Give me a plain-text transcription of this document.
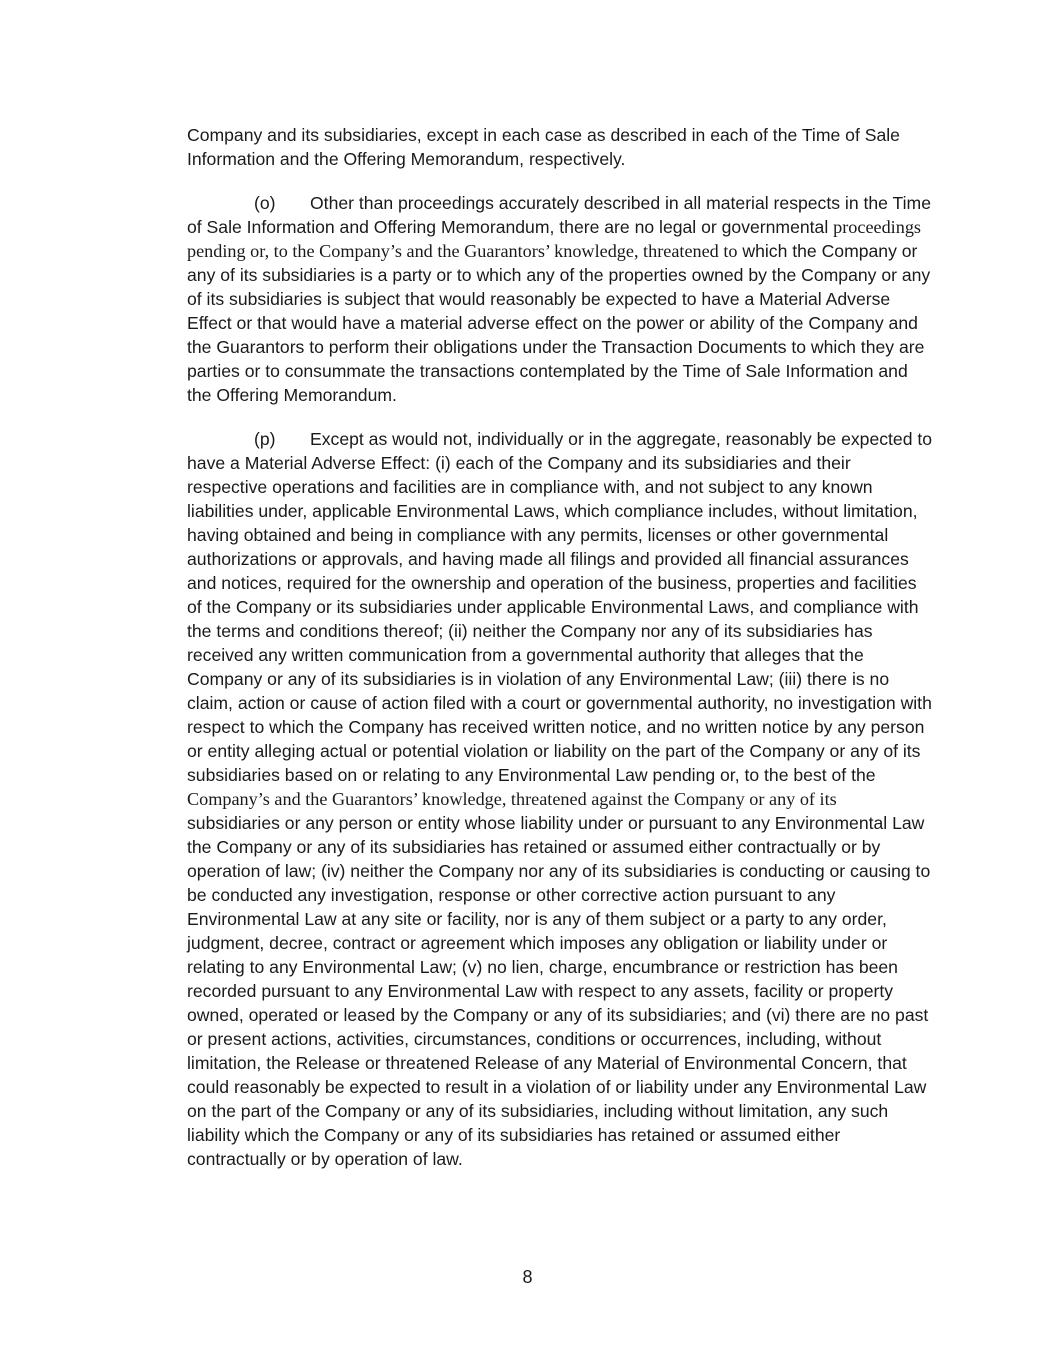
Company and its subsidiaries, except in each case as described in each of the Time of Sale Information and the Offering Memorandum, respectively.

(o) Other than proceedings accurately described in all material respects in the Time of Sale Information and Offering Memorandum, there are no legal or governmental proceedings pending or, to the Company’s and the Guarantors’ knowledge, threatened to which the Company or any of its subsidiaries is a party or to which any of the properties owned by the Company or any of its subsidiaries is subject that would reasonably be expected to have a Material Adverse Effect or that would have a material adverse effect on the power or ability of the Company and the Guarantors to perform their obligations under the Transaction Documents to which they are parties or to consummate the transactions contemplated by the Time of Sale Information and the Offering Memorandum.

(p) Except as would not, individually or in the aggregate, reasonably be expected to have a Material Adverse Effect: (i) each of the Company and its subsidiaries and their respective operations and facilities are in compliance with, and not subject to any known liabilities under, applicable Environmental Laws, which compliance includes, without limitation, having obtained and being in compliance with any permits, licenses or other governmental authorizations or approvals, and having made all filings and provided all financial assurances and notices, required for the ownership and operation of the business, properties and facilities of the Company or its subsidiaries under applicable Environmental Laws, and compliance with the terms and conditions thereof; (ii) neither the Company nor any of its subsidiaries has received any written communication from a governmental authority that alleges that the Company or any of its subsidiaries is in violation of any Environmental Law; (iii) there is no claim, action or cause of action filed with a court or governmental authority, no investigation with respect to which the Company has received written notice, and no written notice by any person or entity alleging actual or potential violation or liability on the part of the Company or any of its subsidiaries based on or relating to any Environmental Law pending or, to the best of the Company’s and the Guarantors’ knowledge, threatened against the Company or any of its subsidiaries or any person or entity whose liability under or pursuant to any Environmental Law the Company or any of its subsidiaries has retained or assumed either contractually or by operation of law; (iv) neither the Company nor any of its subsidiaries is conducting or causing to be conducted any investigation, response or other corrective action pursuant to any Environmental Law at any site or facility, nor is any of them subject or a party to any order, judgment, decree, contract or agreement which imposes any obligation or liability under or relating to any Environmental Law; (v) no lien, charge, encumbrance or restriction has been recorded pursuant to any Environmental Law with respect to any assets, facility or property owned, operated or leased by the Company or any of its subsidiaries; and (vi) there are no past or present actions, activities, circumstances, conditions or occurrences, including, without limitation, the Release or threatened Release of any Material of Environmental Concern, that could reasonably be expected to result in a violation of or liability under any Environmental Law on the part of the Company or any of its subsidiaries, including without limitation, any such liability which the Company or any of its subsidiaries has retained or assumed either contractually or by operation of law.

8
